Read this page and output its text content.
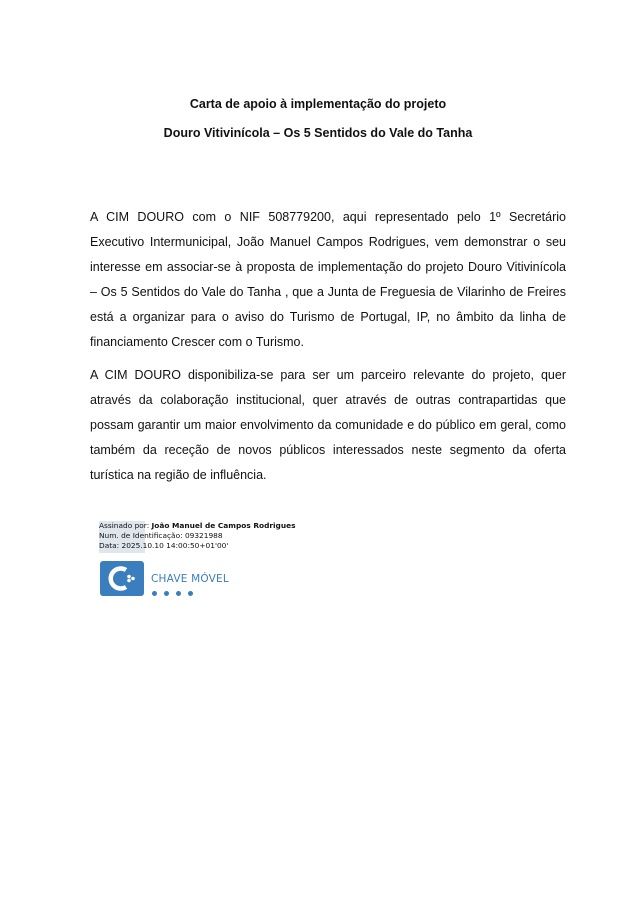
Carta de apoio à implementação do projeto
Douro Vitivinícola – Os 5 Sentidos do Vale do Tanha

A CIM DOURO com o NIF 508779200, aqui representado pelo 1º Secretário Executivo Intermunicipal, João Manuel Campos Rodrigues, vem demonstrar o seu interesse em associar-se à proposta de implementação do projeto Douro Vitivinícola – Os 5 Sentidos do Vale do Tanha , que a Junta de Freguesia de Vilarinho de Freires está a organizar para o aviso do Turismo de Portugal, IP, no âmbito da linha de financiamento Crescer com o Turismo.

A CIM DOURO disponibiliza-se para ser um parceiro relevante do projeto, quer através da colaboração institucional, quer através de outras contrapartidas que possam garantir um maior envolvimento da comunidade e do público em geral, como também da receção de novos públicos interessados neste segmento da oferta turística na região de influência.

Assinado por: João Manuel de Campos Rodrigues
Num. de Identificação: 09321988
Data: 2025.10.10 14:00:50+01'00'
CHAVE MÓVEL
